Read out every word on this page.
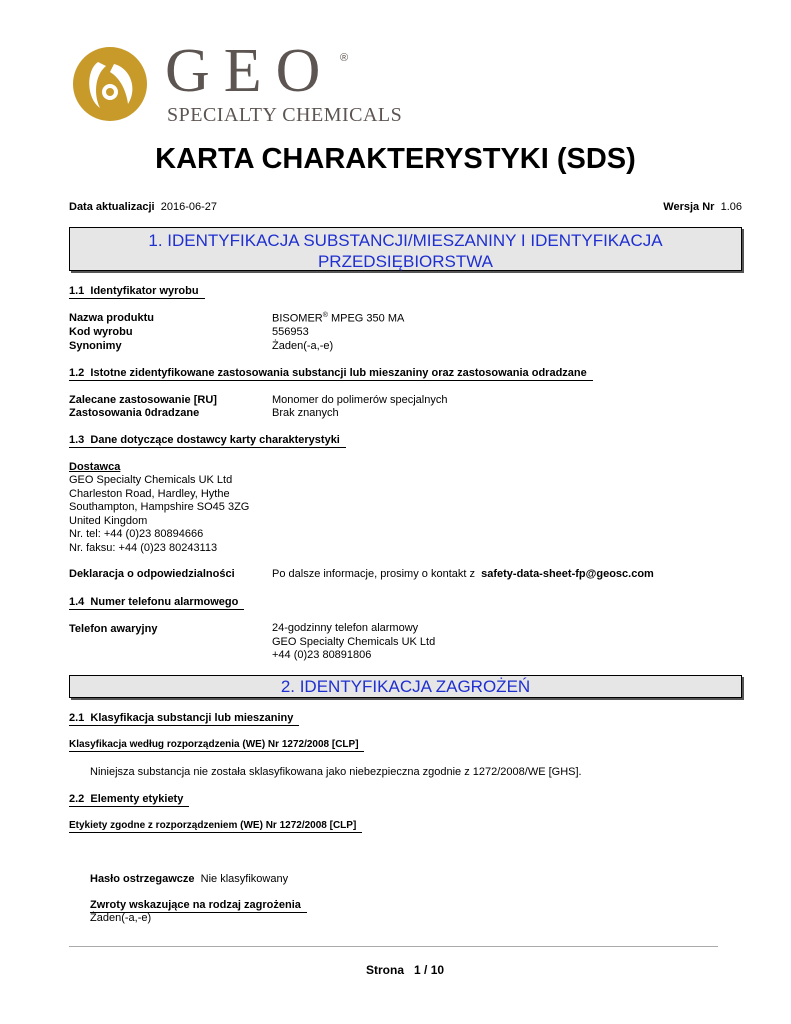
GEO ®
SPECIALTY CHEMICALS
KARTA CHARAKTERYSTYKI (SDS)
Data aktualizacji 2016-06-27	Wersja Nr 1.06
1. IDENTYFIKACJA SUBSTANCJI/MIESZANINY I IDENTYFIKACJA
PRZEDSIĘBIORSTWA
1.1  Identyfikator wyrobu
Nazwa produktu	BISOMER® MPEG 350 MA
Kod wyrobu	556953
Synonimy	Żaden(-a,-e)
1.2  Istotne zidentyfikowane zastosowania substancji lub mieszaniny oraz zastosowania odradzane
Zalecane zastosowanie [RU]	Monomer do polimerów specjalnych
Zastosowania 0dradzane	Brak znanych
1.3  Dane dotyczące dostawcy karty charakterystyki
Dostawca
GEO Specialty Chemicals UK Ltd
Charleston Road, Hardley, Hythe
Southampton, Hampshire SO45 3ZG
United Kingdom
Nr. tel: +44 (0)23 80894666
Nr. faksu: +44 (0)23 80243113
Deklaracja o odpowiedzialności	Po dalsze informacje, prosimy o kontakt z safety-data-sheet-fp@geosc.com
1.4  Numer telefonu alarmowego
Telefon awaryjny	24-godzinny telefon alarmowy
GEO Specialty Chemicals UK Ltd
+44 (0)23 80891806
2. IDENTYFIKACJA ZAGROŻEŃ
2.1  Klasyfikacja substancji lub mieszaniny
Klasyfikacja według rozporządzenia (WE) Nr 1272/2008 [CLP]
Niniejsza substancja nie została sklasyfikowana jako niebezpieczna zgodnie z 1272/2008/WE [GHS].
2.2  Elementy etykiety
Etykiety zgodne z rozporządzeniem (WE) Nr 1272/2008 [CLP]
Hasło ostrzegawcze Nie klasyfikowany
Zwroty wskazujące na rodzaj zagrożenia
Żaden(-a,-e)
Strona 1 / 10
